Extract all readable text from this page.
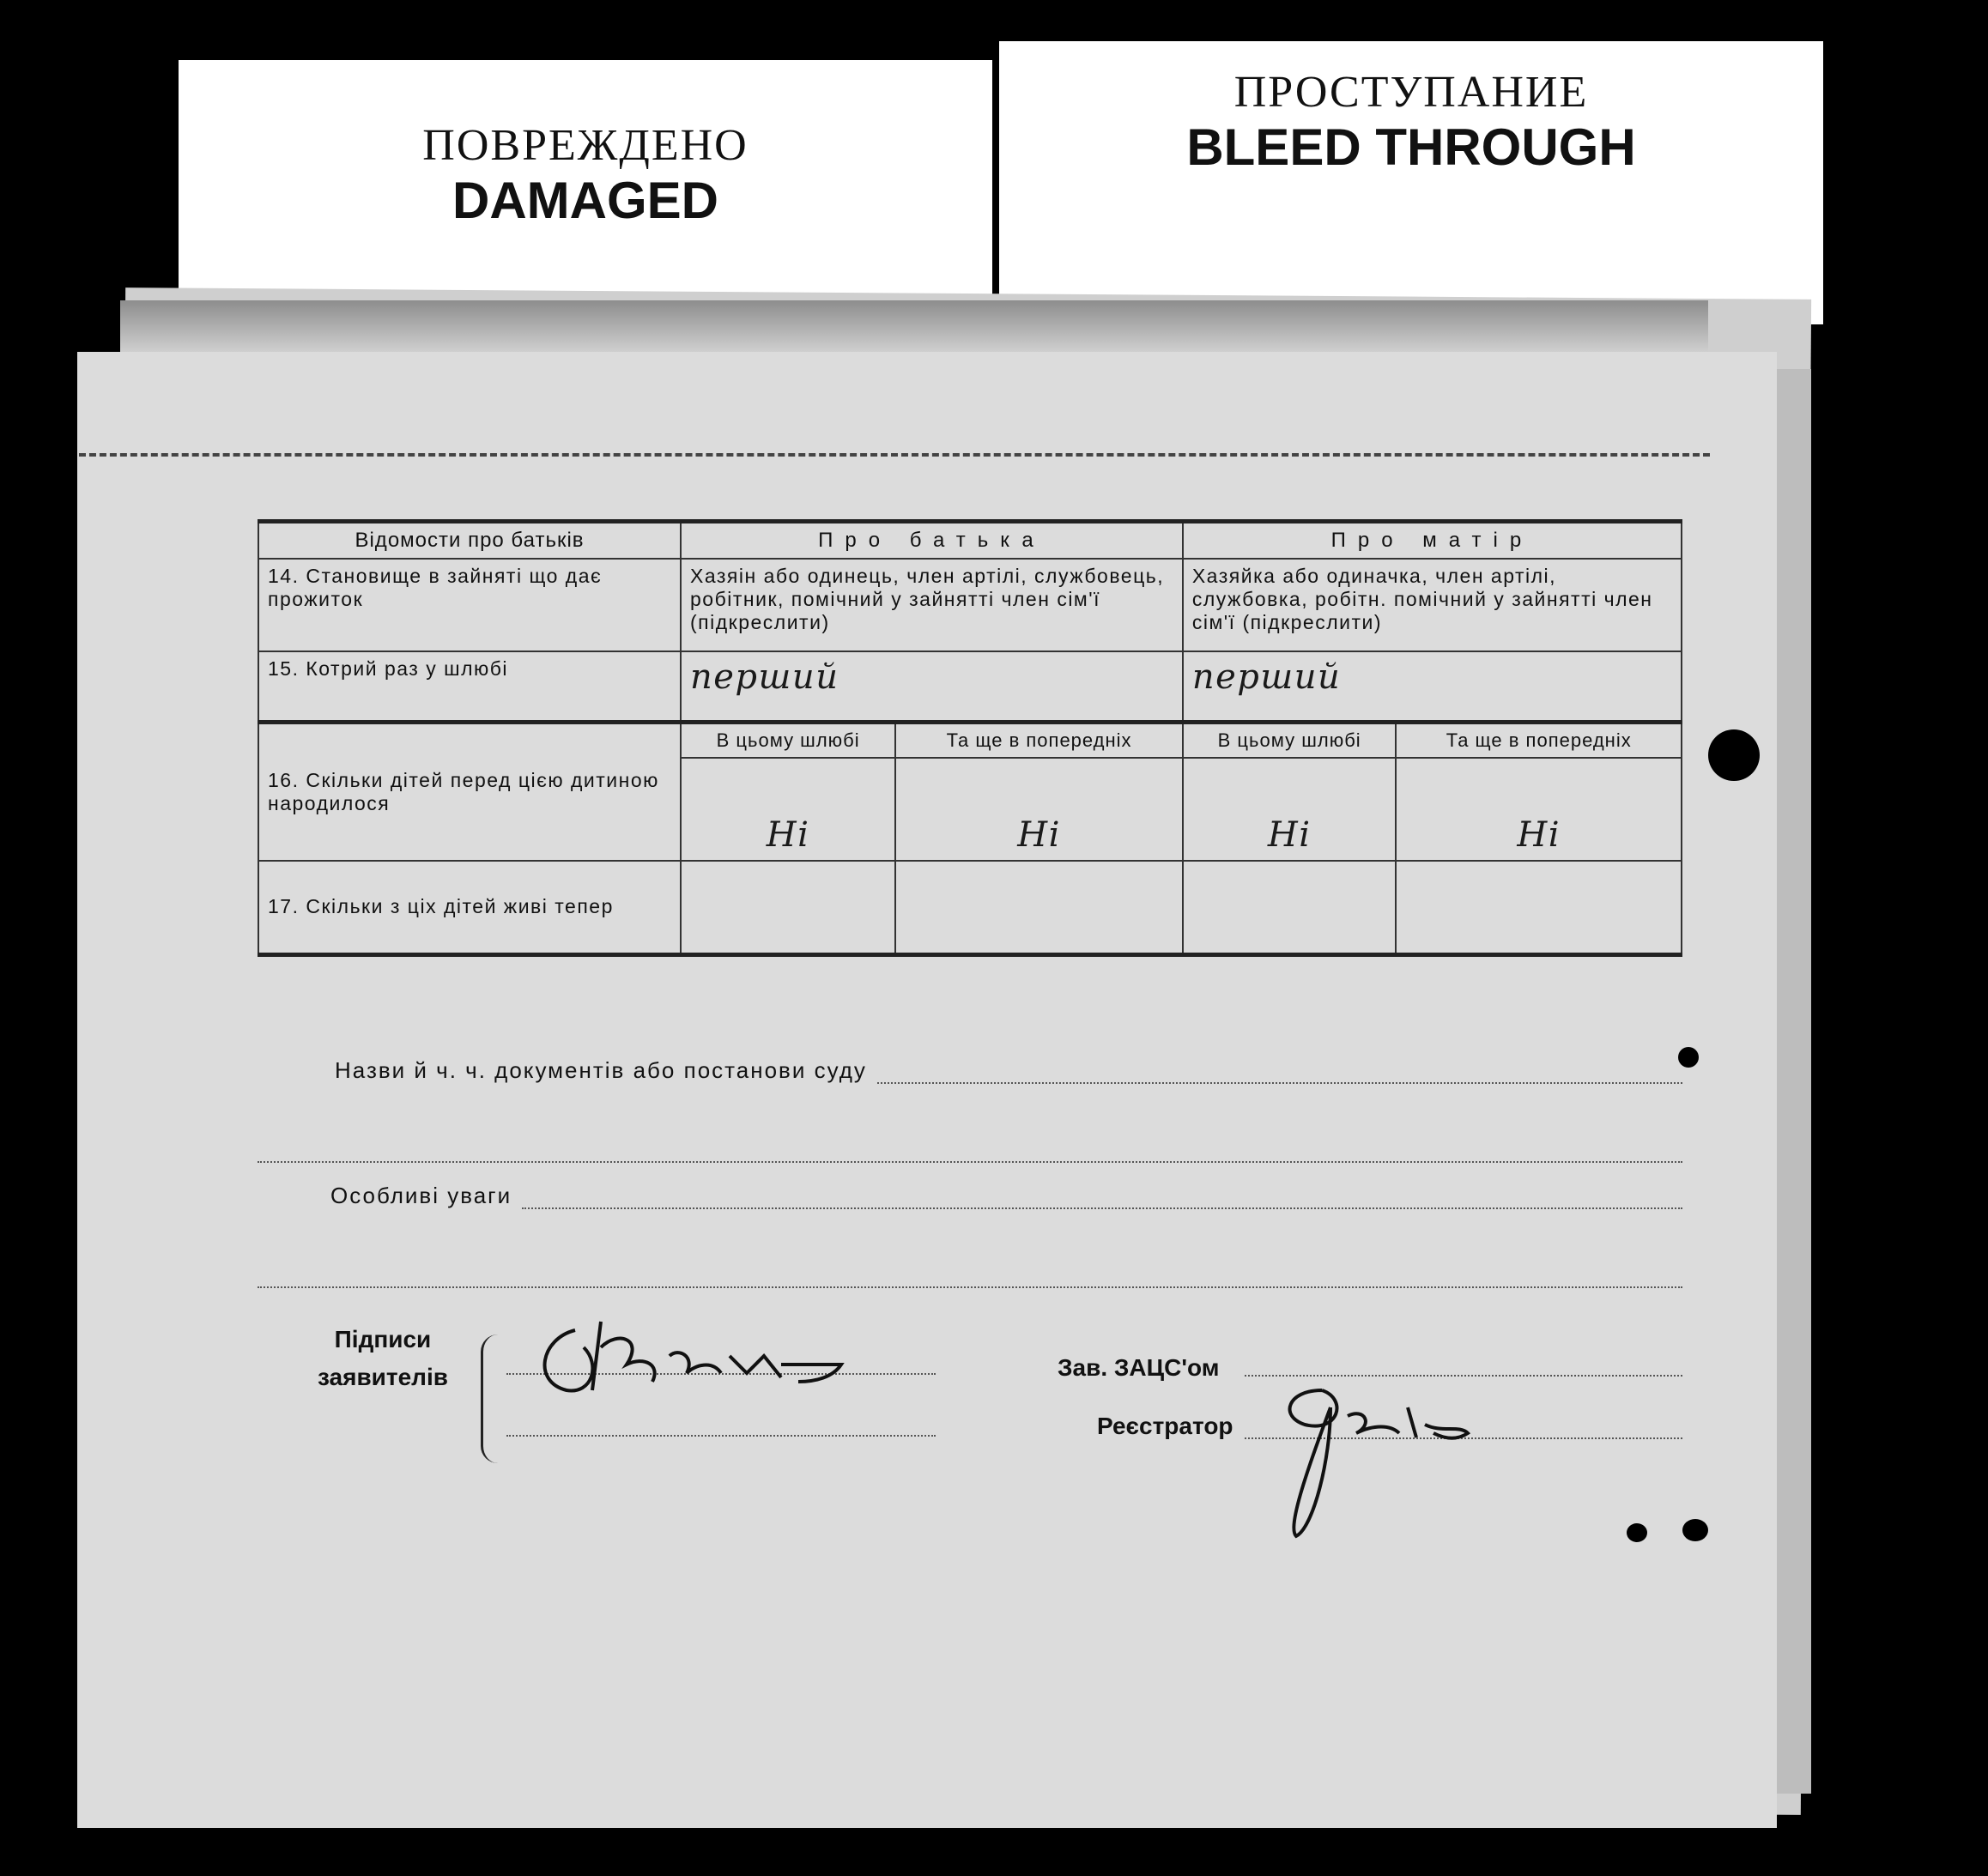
ПОВРЕЖДЕНО
DAMAGED
ПРОСТУПАНИЕ
BLEED THROUGH
Відомости про батьків	Про батька		Про матір	
14. Становище в зайняті що дає прожиток	Хазяін або одинець, член артілі, службовець, робітник, помічний у зайнятті член сім'ї (підкреслити)		Хазяйка або одиначка, член артілі, службовка, робітн. помічний у зайнятті член сім'ї (підкреслити)	
15. Котрий раз у шлюбі	перший		перший	
16. Скільки дітей перед цією дитиною народилося	В цьому шлюбі	Та ще в попередніх	В цьому шлюбі	Та ще в попередніх
	Ні	Ні	Ні	Ні
17. Скільки з ціх дітей живі тепер				
Назви й ч. ч. документів або постанови суду
Особливі уваги
Підписи
заявителів	Зав. ЗАЦС'ом
Реєстратор
